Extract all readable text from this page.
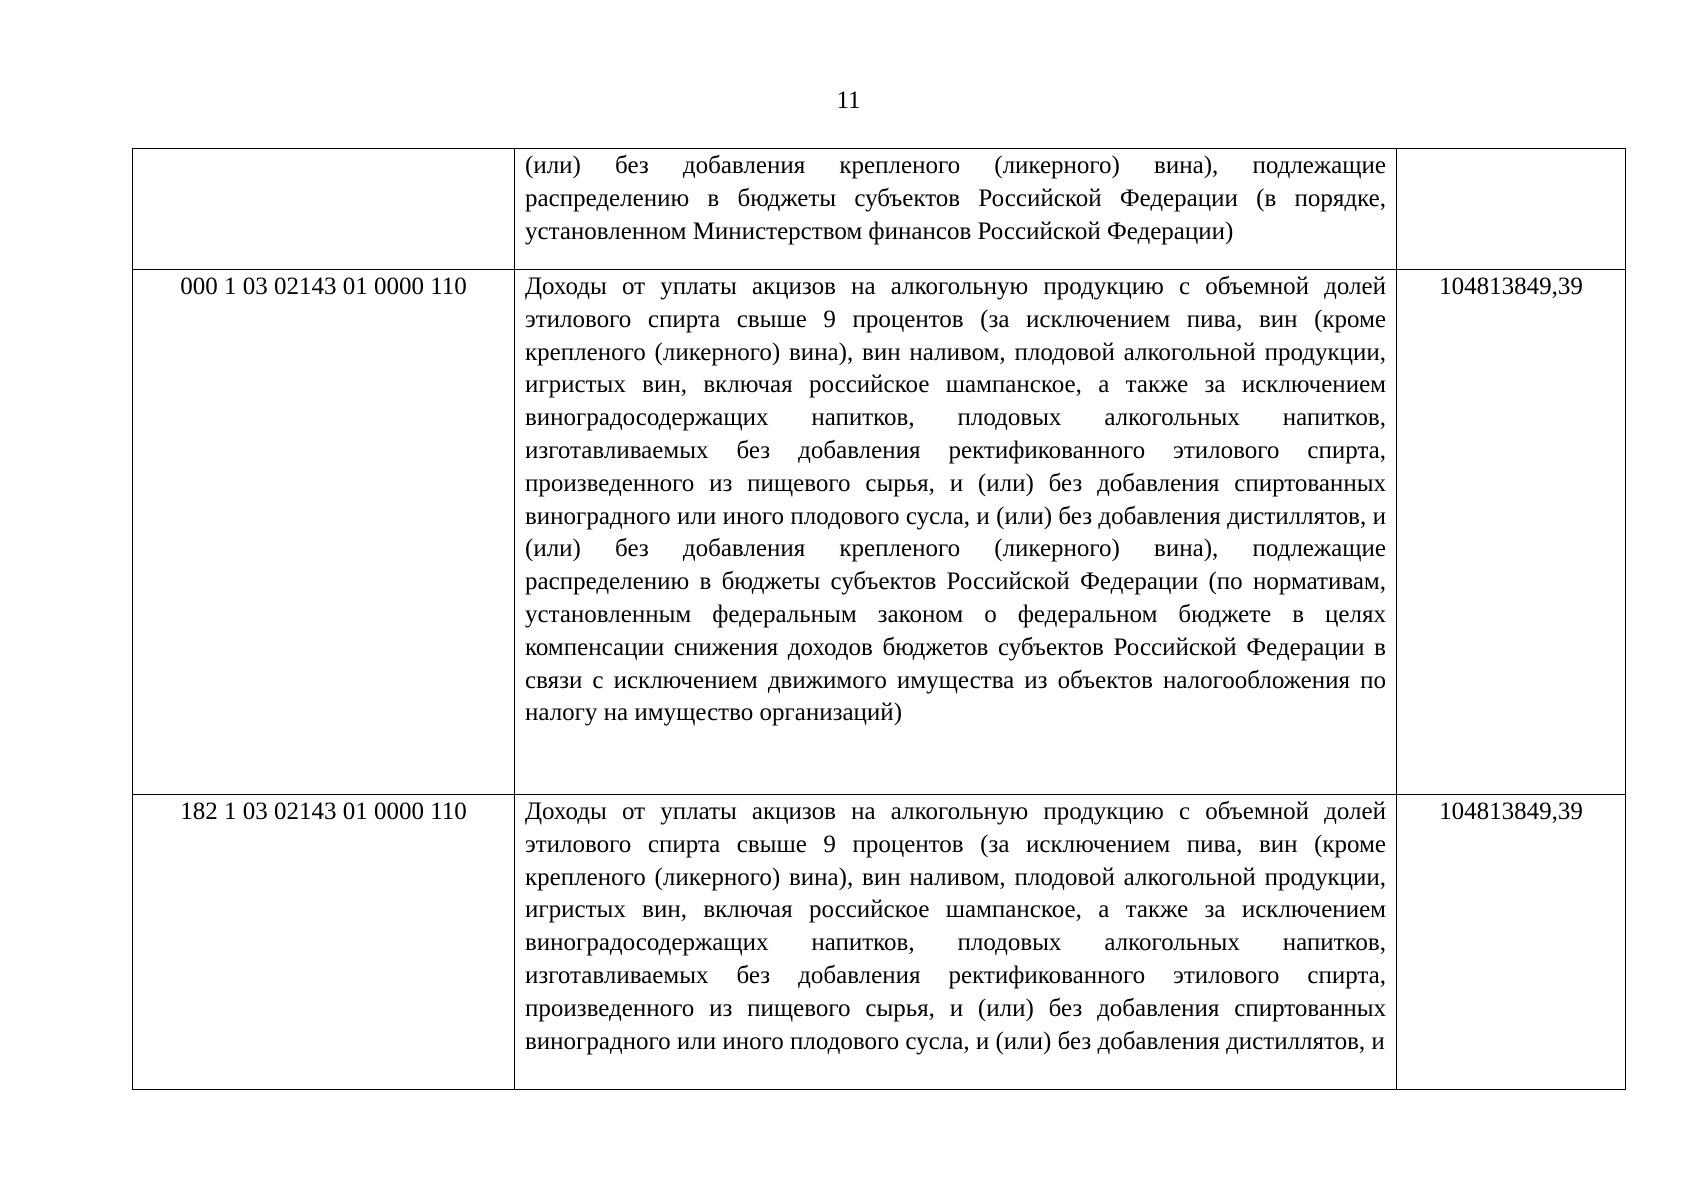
11

	(или) без добавления крепленого (ликерного) вина), подлежащие распределению в бюджеты субъектов Российской Федерации (в порядке, установленном Министерством финансов Российской Федерации)	

000 1 03 02143 01 0000 110	Доходы от уплаты акцизов на алкогольную продукцию с объемной долей этилового спирта свыше 9 процентов (за исключением пива, вин (кроме крепленого (ликерного) вина), вин наливом, плодовой алкогольной продукции, игристых вин, включая российское шампанское, а также за исключением виноградосодержащих напитков, плодовых алкогольных напитков, изготавливаемых без добавления ректификованного этилового спирта, произведенного из пищевого сырья, и (или) без добавления спиртованных виноградного или иного плодового сусла, и (или) без добавления дистиллятов, и (или) без добавления крепленого (ликерного) вина), подлежащие распределению в бюджеты субъектов Российской Федерации (по нормативам, установленным федеральным законом о федеральном бюджете в целях компенсации снижения доходов бюджетов субъектов Российской Федерации в связи с исключением движимого имущества из объектов налогообложения по налогу на имущество организаций)	104813849,39
182 1 03 02143 01 0000 110	Доходы от уплаты акцизов на алкогольную продукцию с объемной долей этилового спирта свыше 9 процентов (за исключением пива, вин (кроме крепленого (ликерного) вина), вин наливом, плодовой алкогольной продукции, игристых вин, включая российское шампанское, а также за исключением виноградосодержащих напитков, плодовых алкогольных напитков, изготавливаемых без добавления ректификованного этилового спирта, произведенного из пищевого сырья, и (или) без добавления спиртованных виноградного или иного плодового сусла, и (или) без добавления дистиллятов, и	104813849,39
